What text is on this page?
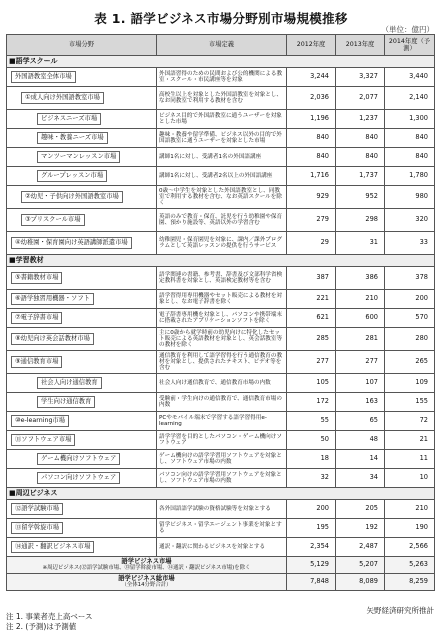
表 1. 語学ビジネス市場分野別市場規模推移
（単位：億円）
市場分野	市場定義	2012年度	2013年度	2014年度（予測）
■語学スクール				
外国語教室全体市場	外国語習得のための民間および公的機関による教室・スクール・市民講座等を対象	3,244	3,327	3,440
①成人向け外国語教室市場	高校生以上を対象とした外国語教室を対象とし、なお同教室で利用する教材を含む	2,036	2,077	2,140
ビジネスニーズ市場	ビジネス目的で外国語教室に通うユーザーを対象とした市場	1,196	1,237	1,300
趣味・教養ニーズ市場	趣味・教養や留学準備、ビジネス以外の目的で外国語教室に通うユーザーを対象とした市場	840	840	840
マンツーマンレッスン市場	講師1名に対し、受講者1名の外国語講座	840	840	840
グループレッスン市場	講師1名に対し、受講者2名以上の外国語講座	1,716	1,737	1,780
②幼児・子供向け外国語教室市場	0歳〜中学生を対象とした外国語教室とし、同教室で利用する教材を含む、なお英語スクールを除く	929	952	980
③プリスクール市場	英語のみで教育・保育、託児を行う幼稚園や保育園、預かり施設等、英語以外の学習含む	279	298	320
④幼稚園・保育園向け英語講師派遣市場	幼稚園児・保育園児を対象に、課内／課外プログラムとして英語レッスンの提供を行うサービス	29	31	33
■学習教材				
⑤書籍教材市場	語学関連の書籍、参考書、辞書及び文部科学省検定教科書を対象とし、英語検定教材等を含む	387	386	378
⑥語学独習用機器・ソフト	語学習得用専用機器やセット販売による教材を対象とし、なお電子辞書を除く	221	210	200
⑦電子辞書市場	電子辞書専用機を対象とし、パソコンや携帯端末に搭載されたアプリケーションソフトを除く	621	600	570
⑧幼児向け英会話教材市場	主に0歳から就学時前の幼児向けに特化したセット販売による英語教材を対象とし、英会話教室等の教材を除く	285	281	280
⑨通信教育市場	通信教育を利用して語学習得を行う通信教育の教材を対象とし、提供されたテキスト、ビデオ等を含む	277	277	265
社会人向け通信教育	社会人向け通信教育で、通信教育市場の内数	105	107	109
学生向け通信教育	受験前・学生向けの通信教育で、通信教育市場の内数	172	163	155
⑩e-learning市場	PCやモバイル端末で学習する語学習得用e-learning	55	65	72
⑪ソフトウェア市場	語学学習を目的としたパソコン・ゲーム機向けソフトウェア	50	48	21
ゲーム機向けソフトウェア	ゲーム機向けの語学学習用ソフトウェアを対象とし、ソフトウェア市場の内数	18	14	11
パソコン向けソフトウェア	パソコン向けの語学学習用ソフトウェアを対象とし、ソフトウェア市場の内数	32	34	10
■周辺ビジネス				
⑫語学試験市場	各外国語語学試験の資格試験等を対象とする	200	205	210
⑬留学斡旋市場	留学ビジネス・留学エージェント事業を対象とする	195	192	190
⑭通訳・翻訳ビジネス市場	通訳・翻訳に関わるビジネスを対象とする	2,354	2,487	2,566
語学ビジネス市場
※周辺ビジネス(⑫語学試験市場、⑬留学斡旋市場、⑭通訳・翻訳ビジネス市場)を除く		5,129	5,207	5,263
語学ビジネス総市場
（全体14分野合計）		7,848	8,089	8,259
矢野経済研究所推計
注 1. 事業者売上高ベース
注 2. (予測)は予測値
